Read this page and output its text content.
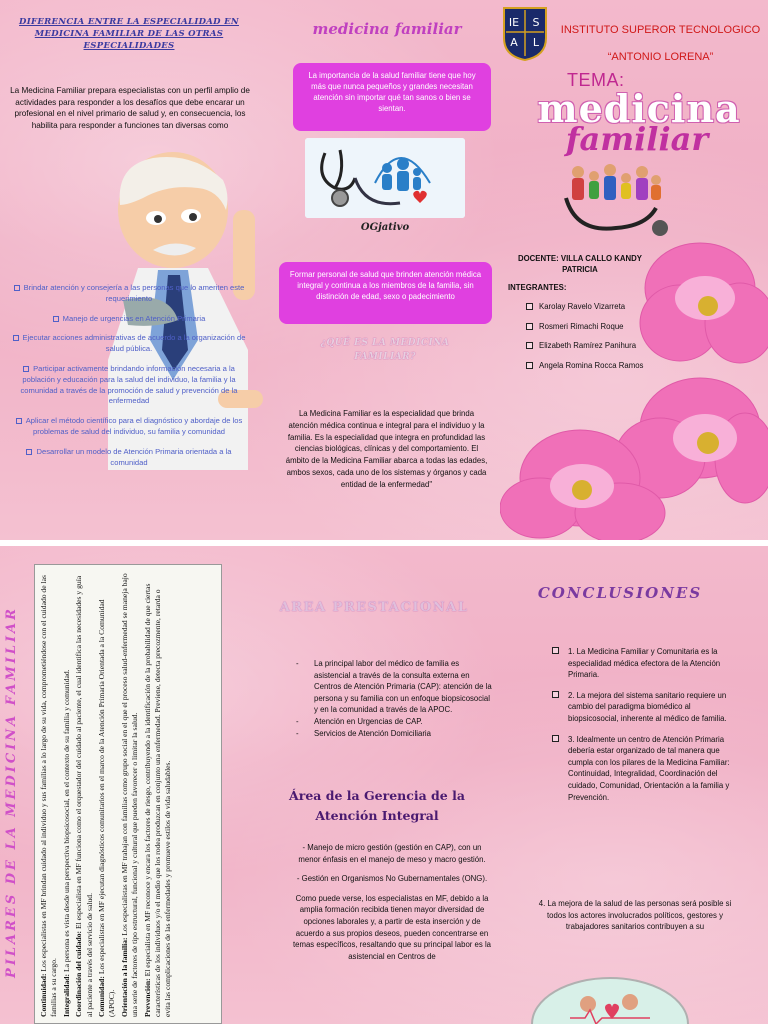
DIFERENCIA ENTRE LA ESPECIALIDAD EN MEDICINA FAMILIAR DE LAS OTRAS ESPECIALIDADES

La Medicina Familiar prepara especialistas con un perfil amplio de actividades para responder a los desafíos que debe encarar un profesional en el nivel primario de salud y, en consecuencia, los habilita para responder a funciones tan diversas como

Brindar atención y consejería a las personas que lo ameriten este requerimiento
Manejo de urgencias en Atención Primaria
Ejecutar acciones administrativas de acuerdo a la organización de salud pública.
Participar activamente brindando información necesaria a la población y educación para la salud del individuo, la familia y la comunidad a través de la promoción de salud y prevención de la enfermedad
Aplicar el método científico para el diagnóstico y abordaje de los problemas de salud del individuo, su familia y comunidad
Desarrollar un modelo de Atención Primaria orientada a la comunidad
medicina familiar
La importancia de la salud familiar tiene que hoy más que nunca pequeños y grandes necesitan atención sin importar qué tan sanos o bien se sientan.
OGjativo
Formar personal de salud que brinden atención médica integral y continua a los miembros de la familia, sin distinción de edad, sexo o padecimiento
¿QUÉ ES LA MEDICINA FAMILIAR?

La Medicina Familiar es la especialidad que brinda atención médica continua e integral para el individuo y la familia. Es la especialidad que integra en profundidad las ciencias biológicas, clínicas y del comportamiento. El ámbito de la Medicina Familiar abarca a todas las edades, ambos sexos, cada uno de los sistemas y órganos y cada entidad de la enfermedad"

IE S
A L
INSTITUTO SUPEROR TECNOLOGICO
“ANTONIO LORENA”
TEMA:
medicina
familiar
DOCENTE: VILLA CALLO KANDY PATRICIA
INTEGRANTES:
Karolay Ravelo Vizarreta
Rosmeri Rimachi Roque
Elizabeth Ramírez Panihura
Angela Romina Rocca Ramos
PILARES DE LA MEDICINA FAMILIAR

Continuidad: Los especialistas en MF brindan cuidado al individuo y sus familias a lo largo de su vida, comprometiéndose con el cuidado de las familias a su cargo. Integralidad: La persona es vista desde una perspectiva biopsicosocial, en el contexto de su familia y comunidad.

Coordinación del cuidado: El especialista en MF funciona como el orquestador del cuidado al paciente, el cual identifica las necesidades y guía al paciente a través del servicio de salud. Comunidad: Los especialistas en MF ejecutan diagnósticos comunitarios en el marco de la Atención Primaria Orientada a la Comunidad (APOC). Orientación a la familia: Los especialistas en MF trabajan con familias como grupo social en el que el proceso salud-enfermedad se maneja bajo una serie de factores de tipo estructural, funcional y cultural que pueden favorecer o limitar la salud. Prevención: El especialista en MF reconoce y encara los factores de riesgo, contribuyendo a la identificación de la probabilidad de que ciertas características de los individuos y/o el medio que los rodea produzcan en conjunto una enfermedad. Previene, detecta precozmente, retarda o evita las complicaciones de las enfermedades y promueve estilos de vida saludables.

AREA PRESTACIONAL
- La principal labor del médico de familia es asistencial a través de la consulta externa en Centros de Atención Primaria (CAP): atención de la persona y su familia con un enfoque biopsicosocial y en la comunidad a través de la APOC.
- Atención en Urgencias de CAP.
- Servicios de Atención Domiciliaria
Área de la Gerencia de la Atención Integral
- Manejo de micro gestión (gestión en CAP), con un menor énfasis en el manejo de meso y macro gestión.
- Gestión en Organismos No Gubernamentales (ONG).
Como puede verse, los especialistas en MF, debido a la amplia formación recibida tienen mayor diversidad de opciones laborales y, a partir de esta inserción y de acuerdo a sus propios deseos, pueden concentrarse en temas específicos, resaltando que su principal labor es la asistencial en Centros de
CONCLUSIONES
1. La Medicina Familiar y Comunitaria es la especialidad médica efectora de la Atención Primaria.
2. La mejora del sistema sanitario requiere un cambio del paradigma biomédico al biopsicosocial, inherente al médico de familia.
3. Idealmente un centro de Atención Primaria debería estar organizado de tal manera que cumpla con los pilares de la Medicina Familiar: Continuidad, Integralidad, Coordinación del cuidado, Comunidad, Orientación a la familia y Prevención.

4. La mejora de la salud de las personas será posible si todos los actores involucrados políticos, gestores y trabajadores sanitarios contribuyen a su
